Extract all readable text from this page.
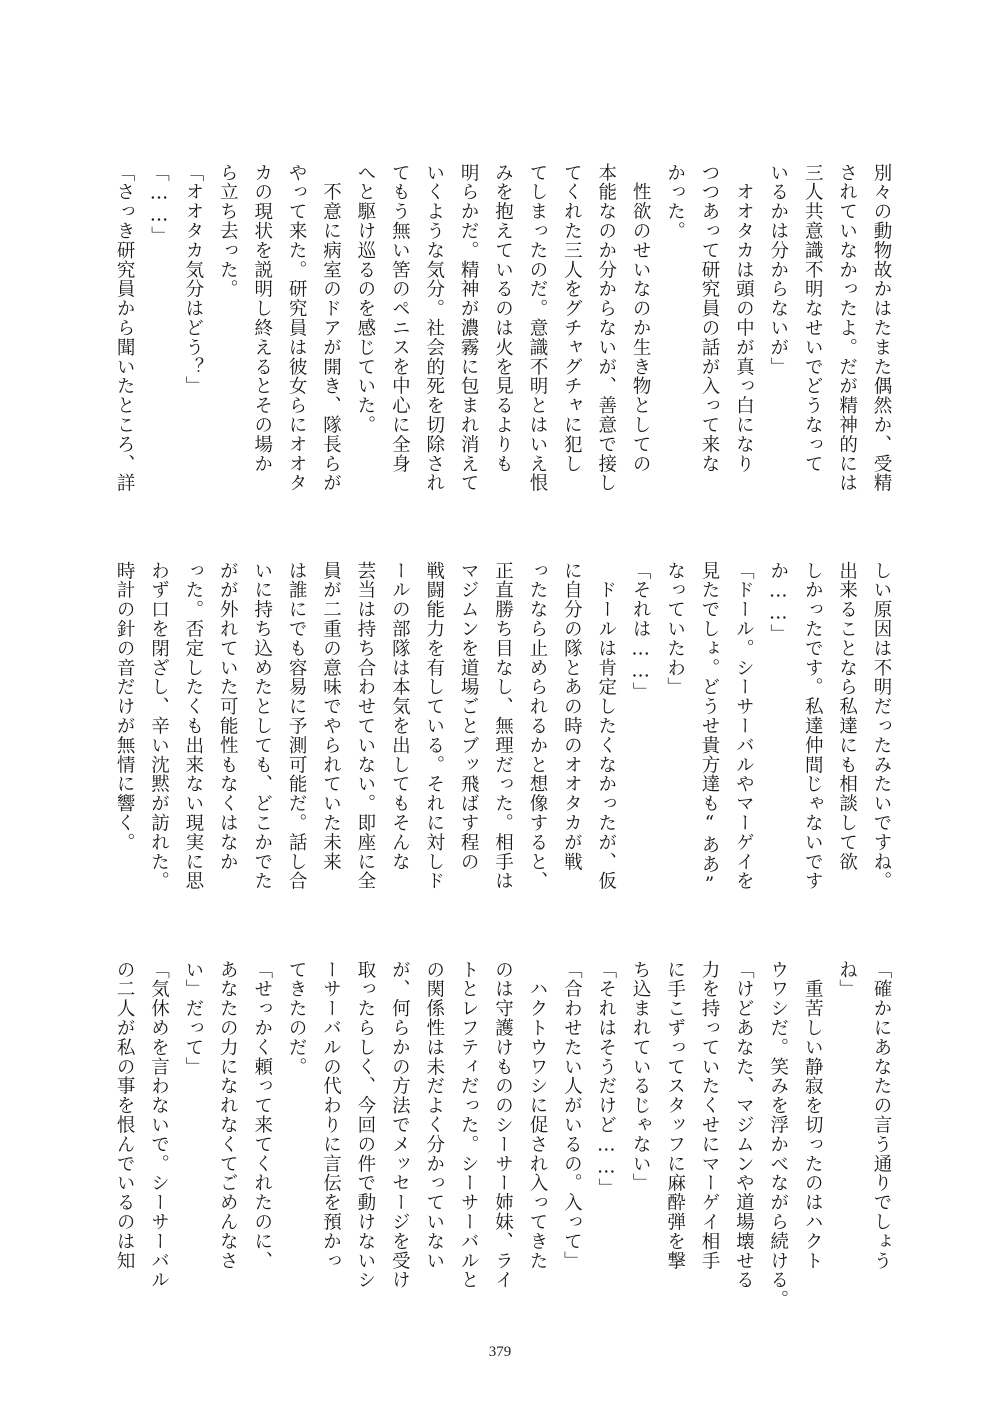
別々の動物故かはたまた偶然か、受精
されていなかったよ。だが精神的には
三人共意識不明なせいでどうなって
いるかは分からないが」
　オオタカは頭の中が真っ白になり
つつあって研究員の話が入って来な
かった。
　性欲のせいなのか生き物としての
本能なのか分からないが、善意で接し
てくれた三人をグチャグチャに犯し
てしまったのだ。意識不明とはいえ恨
みを抱えているのは火を見るよりも
明らかだ。精神が濃霧に包まれ消えて
いくような気分。社会的死を切除され
てもう無い筈のペニスを中心に全身
へと駆け巡るのを感じていた。
　不意に病室のドアが開き、隊長らが
やって来た。研究員は彼女らにオオタ
カの現状を説明し終えるとその場か
ら立ち去った。
「オオタカ気分はどう？」
「……」
「さっき研究員から聞いたところ、詳
しい原因は不明だったみたいですね。
出来ることなら私達にも相談して欲
しかったです。私達仲間じゃないです
か……」
「ドール。シーサーバルやマーゲイを
見たでしょ。どうせ貴方達も“ああ”
なっていたわ」
「それは……」
　ドールは肯定したくなかったが、仮
に自分の隊とあの時のオオタカが戦
ったなら止められるかと想像すると、
正直勝ち目なし、無理だった。相手は
マジムンを道場ごとブッ飛ばす程の
戦闘能力を有している。それに対しド
ールの部隊は本気を出してもそんな
芸当は持ち合わせていない。即座に全
員が二重の意味でやられていた未来
は誰にでも容易に予測可能だ。話し合
いに持ち込めたとしても、どこかでた
がが外れていた可能性もなくはなか
った。否定したくも出来ない現実に思
わず口を閉ざし、辛い沈黙が訪れた。
時計の針の音だけが無情に響く。
「確かにあなたの言う通りでしょう
ね」
　重苦しい静寂を切ったのはハクト
ウワシだ。笑みを浮かべながら続ける。
「けどあなた、マジムンや道場壊せる
力を持っていたくせにマーゲイ相手
に手こずってスタッフに麻酔弾を撃
ち込まれているじゃない」
「それはそうだけど……」
「合わせたい人がいるの。入って」
　ハクトウワシに促され入ってきた
のは守護けもののシーサー姉妹、ライ
トとレフティだった。シーサーバルと
の関係性は未だよく分かっていない
が、何らかの方法でメッセージを受け
取ったらしく、今回の件で動けないシ
ーサーバルの代わりに言伝を預かっ
てきたのだ。
「せっかく頼って来てくれたのに、
あなたの力になれなくてごめんなさ
い」だって」
「気休めを言わないで。シーサーバル
の二人が私の事を恨んでいるのは知
379
